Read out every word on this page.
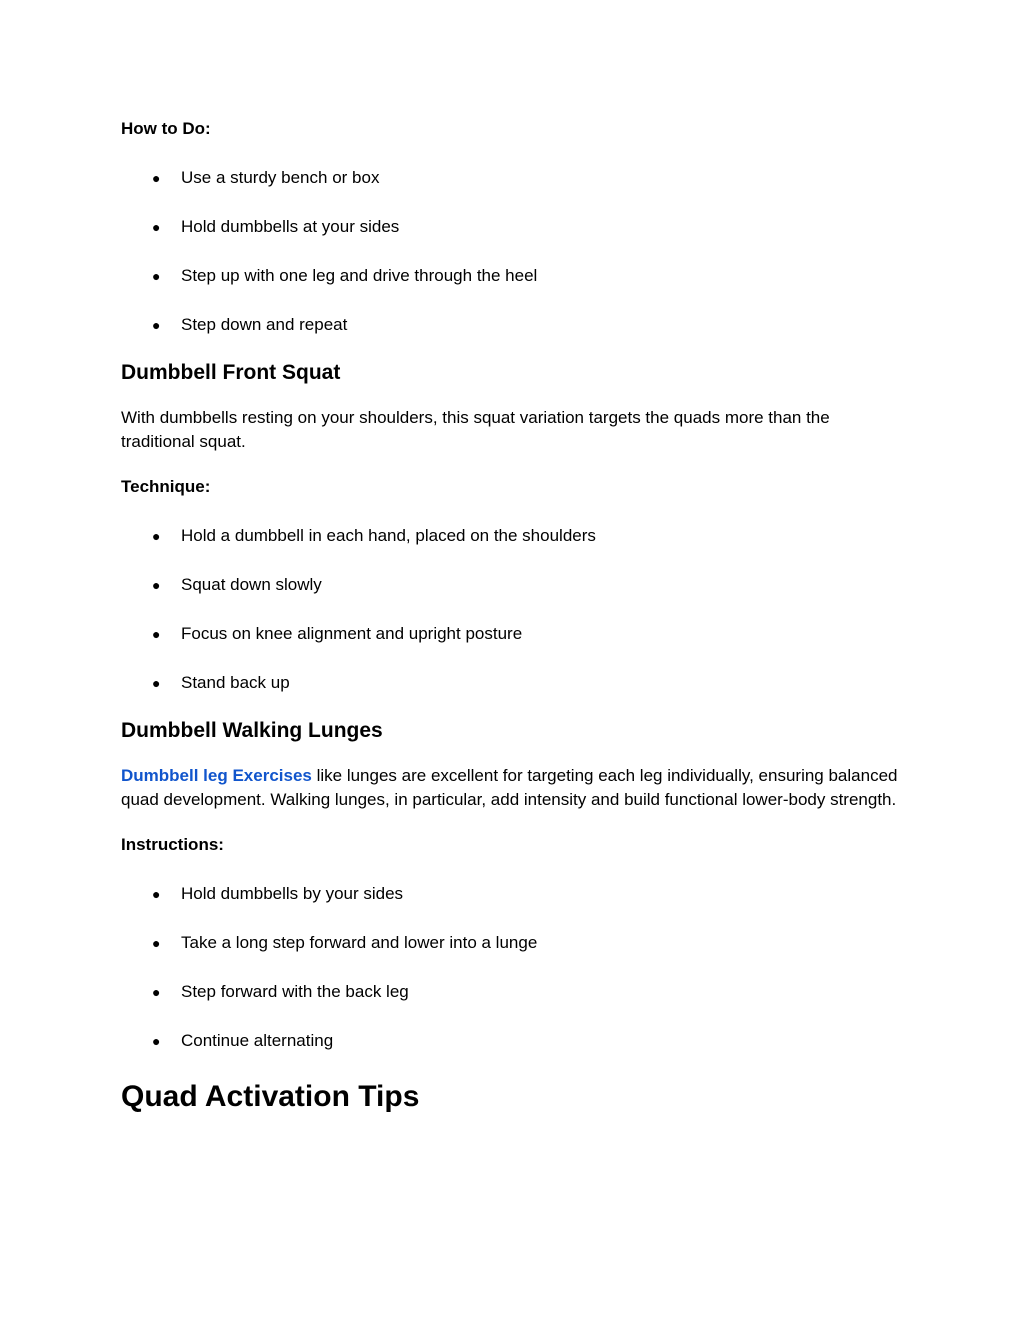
How to Do:

● Use a sturdy bench or box
● Hold dumbbells at your sides
● Step up with one leg and drive through the heel
● Step down and repeat
Dumbbell Front Squat

With dumbbells resting on your shoulders, this squat variation targets the quads more than the traditional squat.

Technique:

● Hold a dumbbell in each hand, placed on the shoulders
● Squat down slowly
● Focus on knee alignment and upright posture
● Stand back up
Dumbbell Walking Lunges

Dumbbell leg Exercises like lunges are excellent for targeting each leg individually, ensuring balanced quad development. Walking lunges, in particular, add intensity and build functional lower-body strength.

Instructions:

● Hold dumbbells by your sides
● Take a long step forward and lower into a lunge
● Step forward with the back leg
● Continue alternating
Quad Activation Tips
